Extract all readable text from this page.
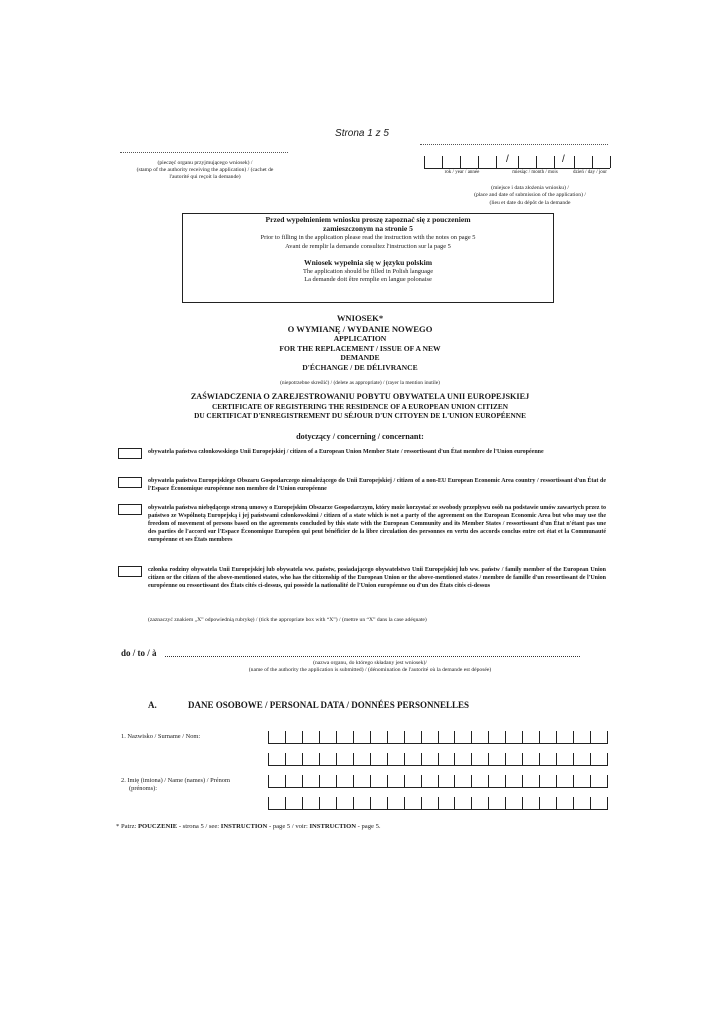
Strona 1 z 5
(pieczęć organu przyjmującego wniosek) /
(stamp of the authority receiving the application) / (cachet de
l'autorité qui reçoit la demande)
/	/
rok / year / année	miesiąc / month / mois	dzień / day / jour
(miejsce i data złożenia wniosku) /
(place and date of submission of the application) /
(lieu et date du dépôt de la demande
Przed wypełnieniem wniosku proszę zapoznać się z pouczeniem
zamieszczonym na stronie 5
Prior to filling in the application please read the instruction with the notes on page 5
Avant de remplir la demande consultez l'instruction sur la page 5
Wniosek wypełnia się w języku polskim
The application should be filled in Polish language
La demande doit être remplie en langue polonaise
WNIOSEK*
O WYMIANĘ / WYDANIE NOWEGO
APPLICATION
FOR THE REPLACEMENT / ISSUE OF A NEW
DEMANDE
D'ÉCHANGE / DE DÉLIVRANCE
(niepotrzebne skreślić) / (delete as appropriate) / (rayer la mention inutile)
ZAŚWIADCZENIA O ZAREJESTROWANIU POBYTU OBYWATELA UNII EUROPEJSKIEJ
CERTIFICATE OF REGISTERING THE RESIDENCE OF A EUROPEAN UNION CITIZEN
DU CERTIFICAT D'ENREGISTREMENT DU SÉJOUR D'UN CITOYEN DE L'UNION EUROPÉENNE
dotyczący / concerning / concernant:
obywatela państwa członkowskiego Unii Europejskiej / citizen of a European Union Member State / ressortissant d'un État membre de l'Union européenne
obywatela państwa Europejskiego Obszaru Gospodarczego nienależącego do Unii Europejskiej / citizen of a non-EU European Economic Area country / ressortissant d'un État de l'Espace Économique européenne non membre de l'Union européenne
obywatela państwa niebędącego stroną umowy o Europejskim Obszarze Gospodarczym, który może korzystać ze swobody przepływu osób na podstawie umów zawartych przez to państwo ze Wspólnotą Europejską i jej państwami członkowskimi / citizen of a state which is not a party of the agreement on the European Economic Area but who may use the freedom of movement of persons based on the agreements concluded by this state with the European Community and its Member States / ressortissant d'un État n'étant pas une des parties de l'accord sur l'Espace Économique Européen qui peut bénéficier de la libre circulation des personnes en vertu des accords conclus entre cet état et la Communauté européenne et ses États membres
członka rodziny obywatela Unii Europejskiej lub obywatela ww. państw, posiadającego obywatelstwo Unii Europejskiej lub ww. państw / family member of the European Union citizen or the citizen of the above-mentioned states, who has the citizenship of the European Union or the above-mentioned states / membre de famille d'un ressortissant de l'Union européenne ou ressortissant des États cités ci-dessus, qui possède la nationalité de l'Union européenne ou d'un des États cités ci-dessus
(zaznaczyć znakiem „X” odpowiednią rubrykę) / (tick the appropriate box with “X”) / (mettre un “X” dans la case adéquate)
do / to / à
(nazwa organu, do którego składany jest wniosek)/
(name of the authority the application is submitted) / (dénomination de l'autorité où la demande est déposée)
A.	DANE OSOBOWE / PERSONAL DATA / DONNÉES PERSONNELLES
1. Nazwisko / Surname / Nom:
2. Imię (imiona) / Name (names) / Prénom
(prénoms):
* Patrz: POUCZENIE - strona 5 / see: INSTRUCTION - page 5 / voir: INSTRUCTION - page 5.
